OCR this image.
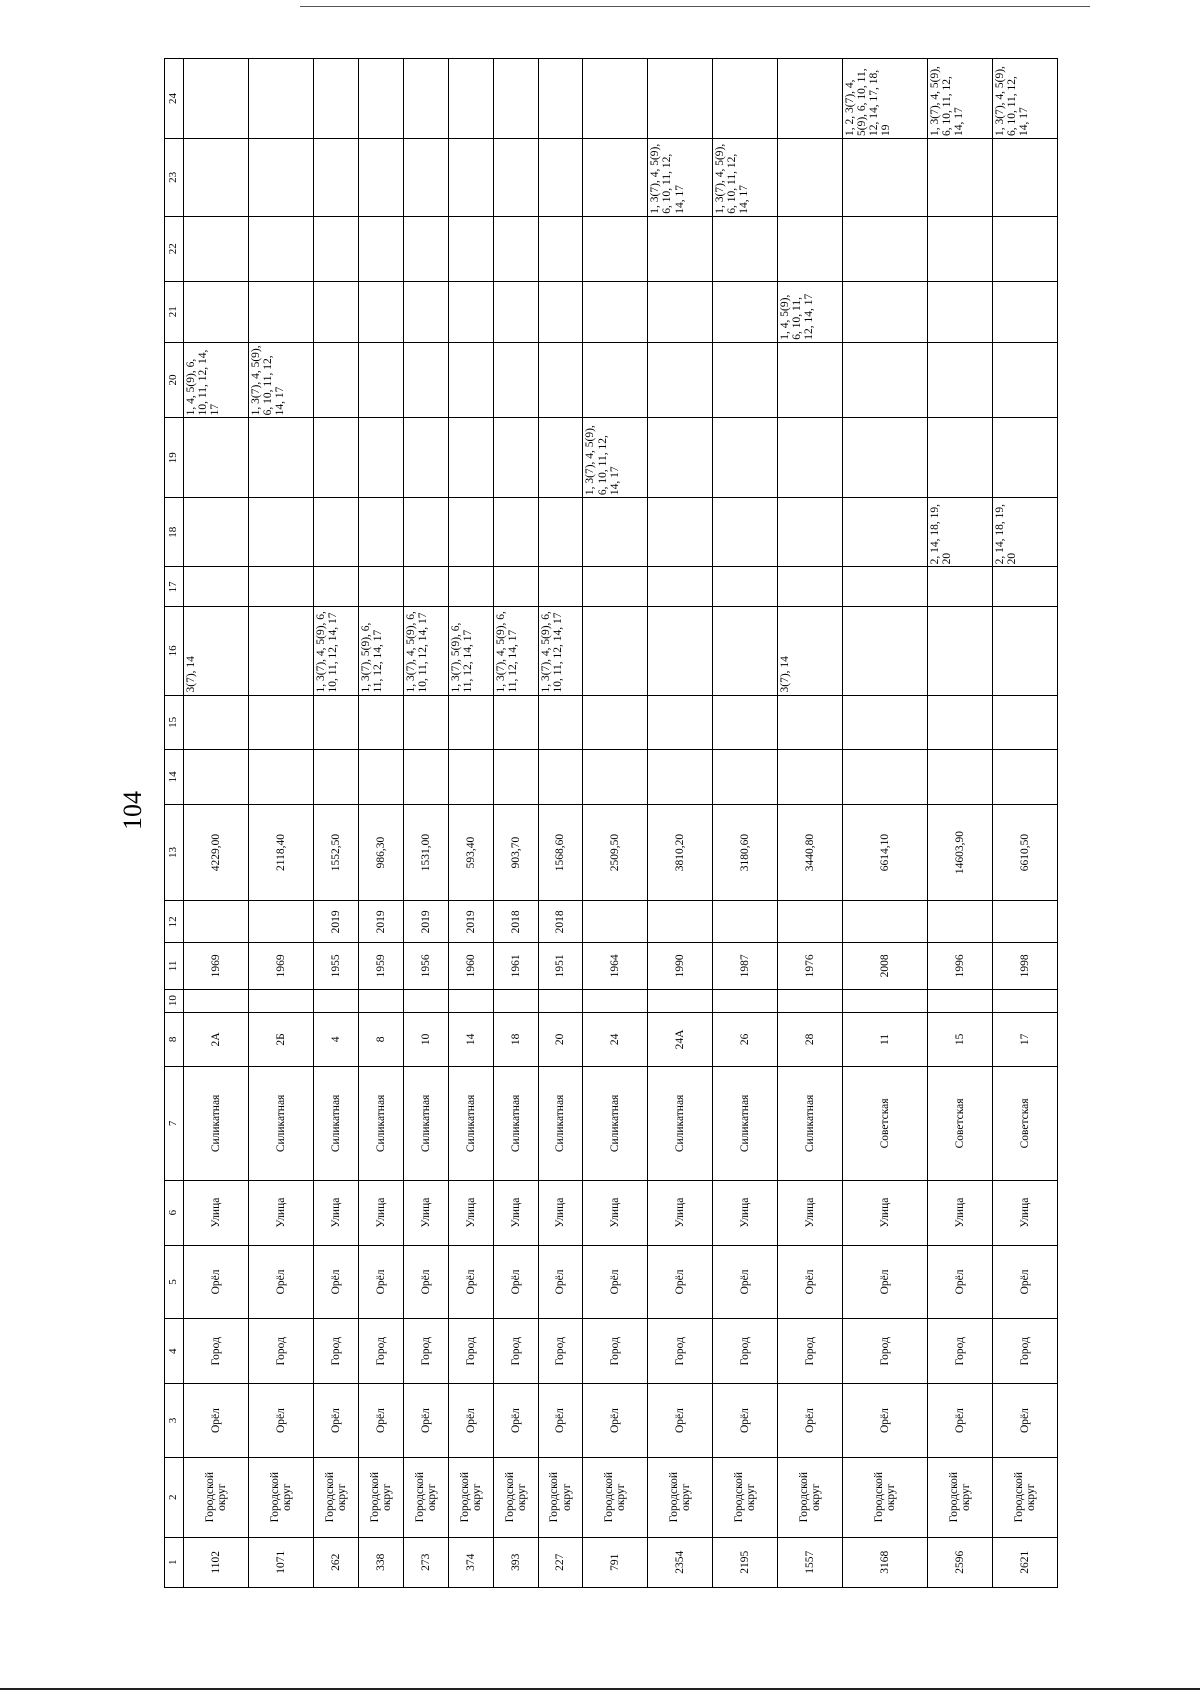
104
1	2	3	4	5	6	7	8	10	11	12	13	14	15	16	17	18	19	20	21	22	23	24
1102	Городской округ	Орёл	Город	Орёл	Улица	Силикатная	2А		1969		4229,00			3(7), 14				1, 4, 5(9), 6, 10, 11, 12, 14, 17				
1071	Городской округ	Орёл	Город	Орёл	Улица	Силикатная	2Б		1969		2118,40							1, 3(7), 4, 5(9), 6, 10, 11, 12, 14, 17				
262	Городской округ	Орёл	Город	Орёл	Улица	Силикатная	4		1955	2019	1552,50			1, 3(7), 4, 5(9), 6, 10, 11, 12, 14, 17								
338	Городской округ	Орёл	Город	Орёл	Улица	Силикатная	8		1959	2019	986,30			1, 3(7), 5(9), 6, 11, 12, 14, 17								
273	Городской округ	Орёл	Город	Орёл	Улица	Силикатная	10		1956	2019	1531,00			1, 3(7), 4, 5(9), 6, 10, 11, 12, 14, 17								
374	Городской округ	Орёл	Город	Орёл	Улица	Силикатная	14		1960	2019	593,40			1, 3(7), 5(9), 6, 11, 12, 14, 17								
393	Городской округ	Орёл	Город	Орёл	Улица	Силикатная	18		1961	2018	903,70			1, 3(7), 4, 5(9), 6, 11, 12, 14, 17								
227	Городской округ	Орёл	Город	Орёл	Улица	Силикатная	20		1951	2018	1568,60			1, 3(7), 4, 5(9), 6, 10, 11, 12, 14, 17								
791	Городской округ	Орёл	Город	Орёл	Улица	Силикатная	24		1964		2509,50						1, 3(7), 4, 5(9), 6, 10, 11, 12, 14, 17					
2354	Городской округ	Орёл	Город	Орёл	Улица	Силикатная	24А		1990		3810,20										1, 3(7), 4, 5(9), 6, 10, 11, 12, 14, 17	
2195	Городской округ	Орёл	Город	Орёл	Улица	Силикатная	26		1987		3180,60										1, 3(7), 4, 5(9), 6, 10, 11, 12, 14, 17	
1557	Городской округ	Орёл	Город	Орёл	Улица	Силикатная	28		1976		3440,80			3(7), 14					1, 4, 5(9), 6, 10, 11, 12, 14, 17			
3168	Городской округ	Орёл	Город	Орёл	Улица	Советская	11		2008		6614,10											1, 2, 3(7), 4, 5(9), 6, 10, 11, 12, 14, 17, 18, 19
2596	Городской округ	Орёл	Город	Орёл	Улица	Советская	15		1996		14603,90					2, 14, 18, 19, 20						1, 3(7), 4, 5(9), 6, 10, 11, 12, 14, 17
2621	Городской округ	Орёл	Город	Орёл	Улица	Советская	17		1998		6610,50					2, 14, 18, 19, 20						1, 3(7), 4, 5(9), 6, 10, 11, 12, 14, 17
